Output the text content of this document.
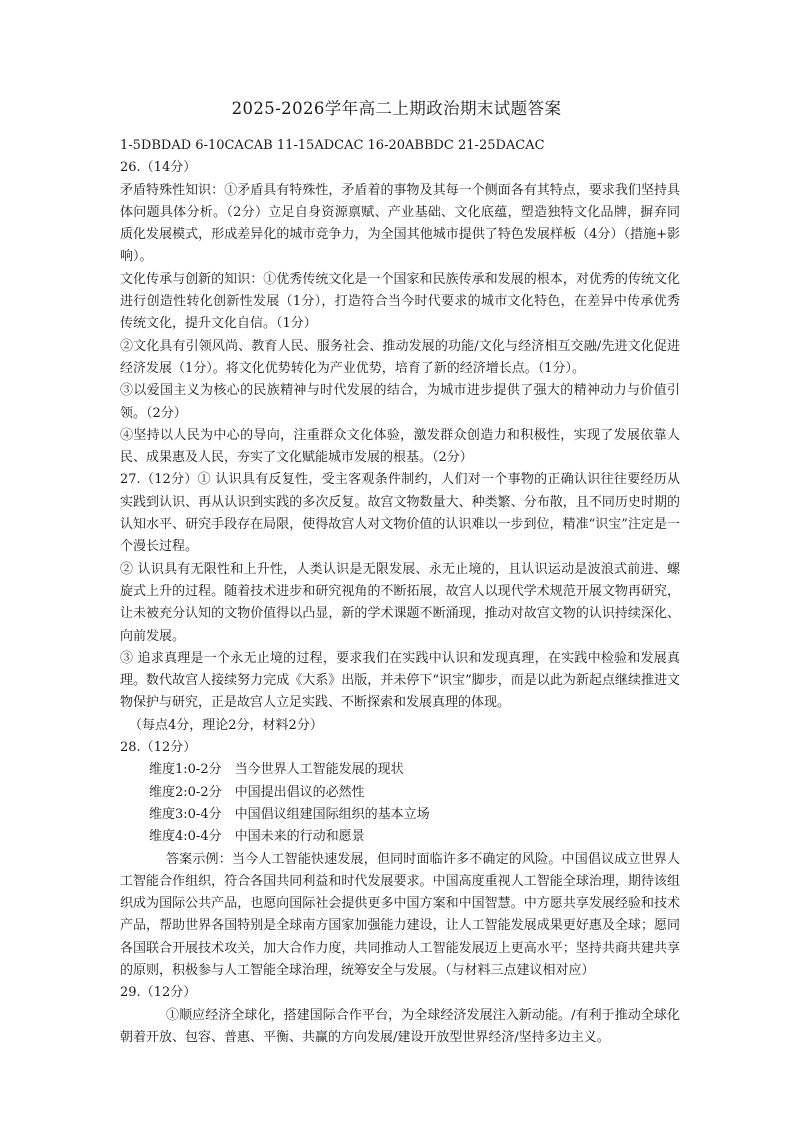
2025-2026学年高二上期政治期末试题答案

1-5DBDAD 6-10CACAB 11-15ADCAC 16-20ABBDC 21-25DACAC

26.（14分）

矛盾特殊性知识：①矛盾具有特殊性，矛盾着的事物及其每一个侧面各有其特点，要求我们坚持具体问题具体分析。（2分）立足自身资源禀赋、产业基础、文化底蕴，塑造独特文化品牌，摒弃同质化发展模式，形成差异化的城市竞争力，为全国其他城市提供了特色发展样板（4分）（措施+影响）。

文化传承与创新的知识：①优秀传统文化是一个国家和民族传承和发展的根本，对优秀的传统文化进行创造性转化创新性发展（1分），打造符合当今时代要求的城市文化特色，在差异中传承优秀传统文化，提升文化自信。（1分）

②文化具有引领风尚、教育人民、服务社会、推动发展的功能/文化与经济相互交融/先进文化促进经济发展（1分）。将文化优势转化为产业优势，培育了新的经济增长点。（1分）。

③以爱国主义为核心的民族精神与时代发展的结合，为城市进步提供了强大的精神动力与价值引领。（2分）

④坚持以人民为中心的导向，注重群众文化体验，激发群众创造力和积极性，实现了发展依靠人民、成果惠及人民，夯实了文化赋能城市发展的根基。（2分）

27.（12分）① 认识具有反复性，受主客观条件制约，人们对一个事物的正确认识往往要经历从实践到认识、再从认识到实践的多次反复。故宫文物数量大、种类繁、分布散，且不同历史时期的认知水平、研究手段存在局限，使得故宫人对文物价值的认识难以一步到位，精准“识宝”注定是一个漫长过程。

② 认识具有无限性和上升性，人类认识是无限发展、永无止境的，且认识运动是波浪式前进、螺旋式上升的过程。随着技术进步和研究视角的不断拓展，故宫人以现代学术规范开展文物再研究，让未被充分认知的文物价值得以凸显，新的学术课题不断涌现，推动对故宫文物的认识持续深化、向前发展。

③ 追求真理是一个永无止境的过程，要求我们在实践中认识和发现真理，在实践中检验和发展真理。数代故宫人接续努力完成《大系》出版，并未停下“识宝”脚步，而是以此为新起点继续推进文物保护与研究，正是故宫人立足实践、不断探索和发展真理的体现。

（每点4分，理论2分，材料2分）

28.（12分）

维度1:0-2分　当今世界人工智能发展的现状

维度2:0-2分　中国提出倡议的必然性

维度3:0-4分　中国倡议组建国际组织的基本立场

维度4:0-4分　中国未来的行动和愿景

答案示例：当今人工智能快速发展，但同时面临许多不确定的风险。中国倡议成立世界人工智能合作组织，符合各国共同利益和时代发展要求。中国高度重视人工智能全球治理，期待该组织成为国际公共产品，也愿向国际社会提供更多中国方案和中国智慧。中方愿共享发展经验和技术产品，帮助世界各国特别是全球南方国家加强能力建设，让人工智能发展成果更好惠及全球；愿同各国联合开展技术攻关，加大合作力度，共同推动人工智能发展迈上更高水平；坚持共商共建共享的原则，积极参与人工智能全球治理，统筹安全与发展。（与材料三点建议相对应）

29.（12分）

①顺应经济全球化，搭建国际合作平台，为全球经济发展注入新动能。/有利于推动全球化朝着开放、包容、普惠、平衡、共赢的方向发展/建设开放型世界经济/坚持多边主义。
